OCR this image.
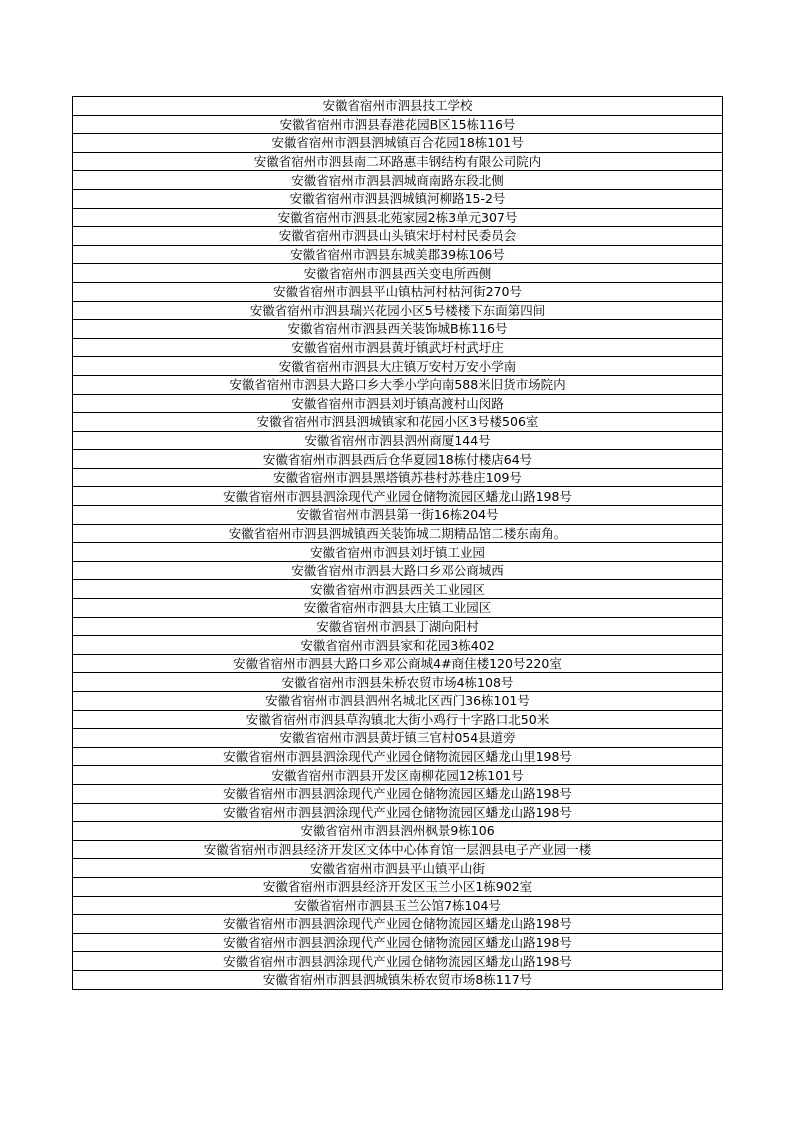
安徽省宿州市泗县技工学校
安徽省宿州市泗县春港花园B区15栋116号
安徽省宿州市泗县泗城镇百合花园18栋101号
安徽省宿州市泗县南二环路惠丰钢结构有限公司院内
安徽省宿州市泗县泗城商南路东段北侧
安徽省宿州市泗县泗城镇河柳路15-2号
安徽省宿州市泗县北苑家园2栋3单元307号
安徽省宿州市泗县山头镇宋圩村村民委员会
安徽省宿州市泗县东城美郡39栋106号
安徽省宿州市泗县西关变电所西侧
安徽省宿州市泗县平山镇枯河村枯河街270号
安徽省宿州市泗县瑞兴花园小区5号楼楼下东面第四间
安徽省宿州市泗县西关装饰城B栋116号
安徽省宿州市泗县黄圩镇武圩村武圩庄
安徽省宿州市泗县大庄镇万安村万安小学南
安徽省宿州市泗县大路口乡大季小学向南588米旧货市场院内
安徽省宿州市泗县刘圩镇高渡村山闵路
安徽省宿州市泗县泗城镇家和花园小区3号楼506室
安徽省宿州市泗县泗州商厦144号
安徽省宿州市泗县西后仓华夏园18栋付楼店64号
安徽省宿州市泗县黑塔镇苏巷村苏巷庄109号
安徽省宿州市泗县泗涂现代产业园仓储物流园区蟠龙山路198号
安徽省宿州市泗县第一街16栋204号
安徽省宿州市泗县泗城镇西关装饰城二期精品馆二楼东南角。
安徽省宿州市泗县刘圩镇工业园
安徽省宿州市泗县大路口乡邓公商城西
安徽省宿州市泗县西关工业园区
安徽省宿州市泗县大庄镇工业园区
安徽省宿州市泗县丁湖向阳村
安徽省宿州市泗县家和花园3栋402
安徽省宿州市泗县大路口乡邓公商城4#商住楼120号220室
安徽省宿州市泗县朱桥农贸市场4栋108号
安徽省宿州市泗县泗州名城北区西门36栋101号
安徽省宿州市泗县草沟镇北大街小鸡行十字路口北50米
安徽省宿州市泗县黄圩镇三官村054县道旁
安徽省宿州市泗县泗涂现代产业园仓储物流园区蟠龙山里198号
安徽省宿州市泗县开发区南柳花园12栋101号
安徽省宿州市泗县泗涂现代产业园仓储物流园区蟠龙山路198号
安徽省宿州市泗县泗涂现代产业园仓储物流园区蟠龙山路198号
安徽省宿州市泗县泗州枫景9栋106
安徽省宿州市泗县经济开发区文体中心体育馆一层泗县电子产业园一楼
安徽省宿州市泗县平山镇平山街
安徽省宿州市泗县经济开发区玉兰小区1栋902室
安徽省宿州市泗县玉兰公馆7栋104号
安徽省宿州市泗县泗涂现代产业园仓储物流园区蟠龙山路198号
安徽省宿州市泗县泗涂现代产业园仓储物流园区蟠龙山路198号
安徽省宿州市泗县泗涂现代产业园仓储物流园区蟠龙山路198号
安徽省宿州市泗县泗城镇朱桥农贸市场8栋117号
